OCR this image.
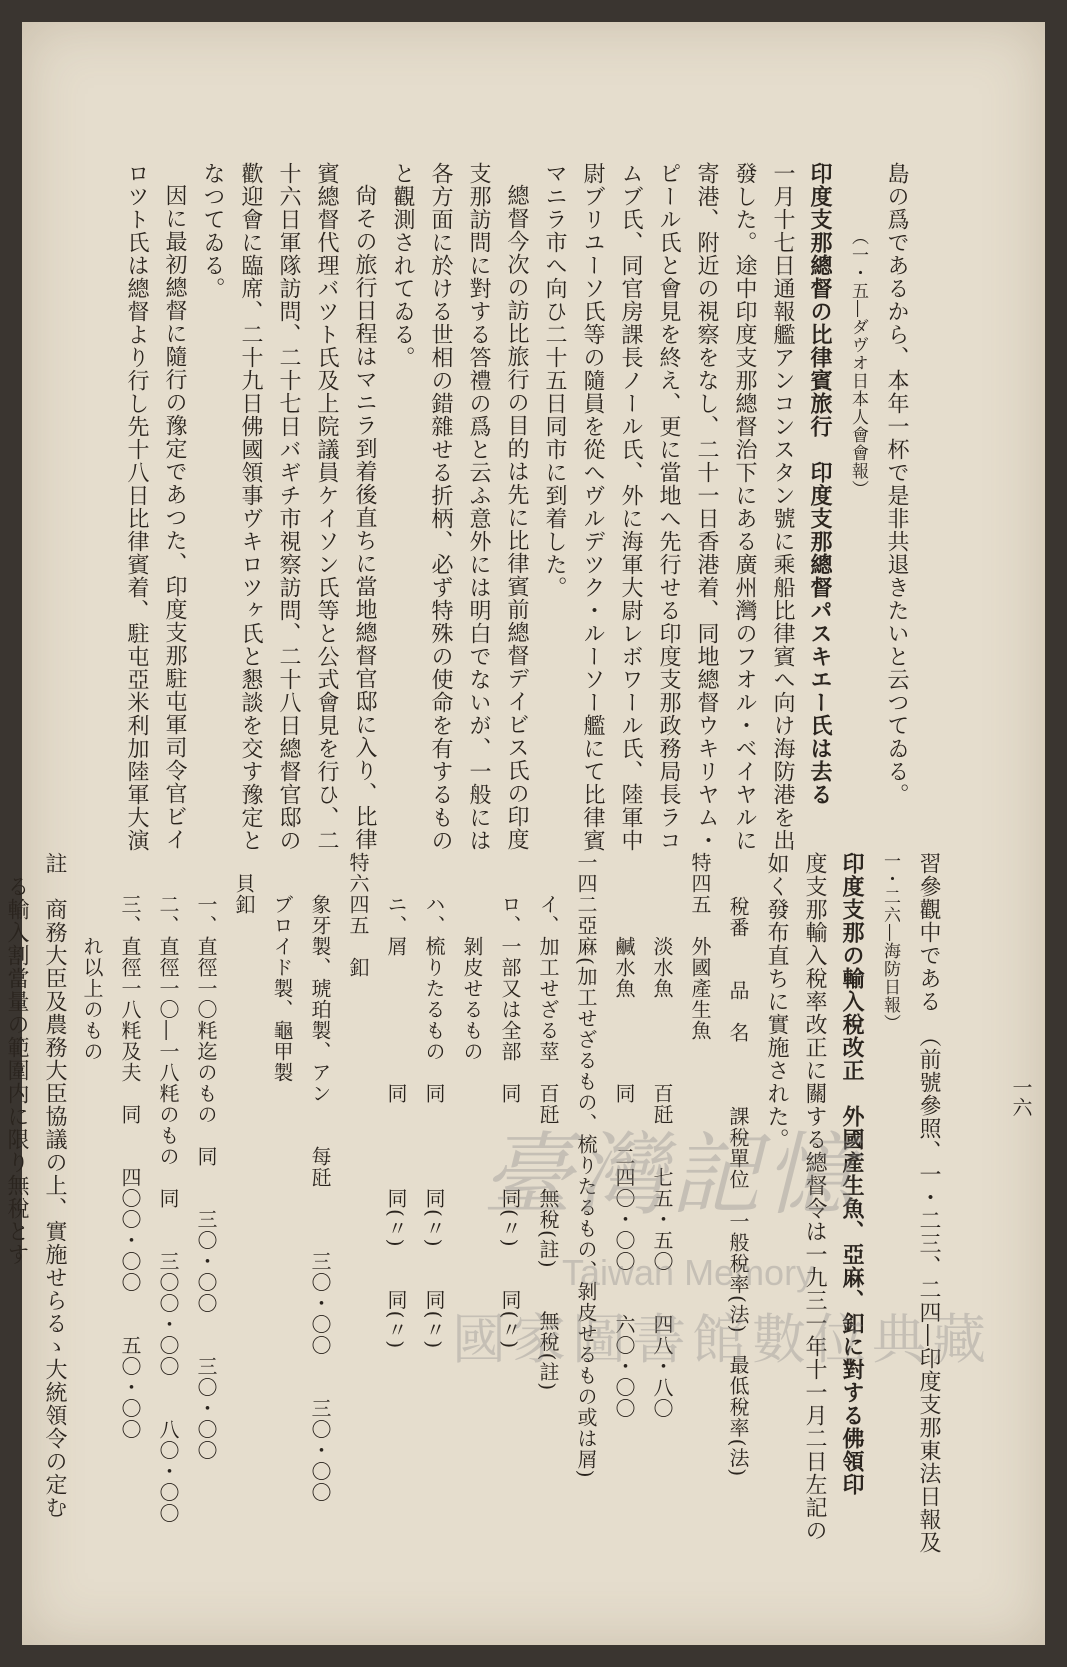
一六
島の爲であるから、本年一杯で是非共退きたいと云つてゐる。
（一・五―ダヴオ日本人會會報）
印度支那總督の比律賓旅行　印度支那總督パスキエー氏は去る
一月十七日通報艦アンコンスタン號に乘船比律賓へ向け海防港を出
發した。途中印度支那總督治下にある廣州灣のフオル・ベイヤルに
寄港、附近の視察をなし、二十一日香港着、同地總督ウキリヤム・
ピール氏と會見を終え、更に當地へ先行せる印度支那政務局長ラコ
ムブ氏、同官房課長ノール氏、外に海軍大尉レボワール氏、陸軍中
尉ブリユーソ氏等の隨員を從へヴルデツク・ルーソー艦にて比律賓
マニラ市へ向ひ二十五日同市に到着した。
總督今次の訪比旅行の目的は先に比律賓前總督デイビス氏の印度
支那訪問に對する答禮の爲と云ふ意外には明白でないが、一般には
各方面に於ける世相の錯雜せる折柄、必ず特殊の使命を有するもの
と觀測されてゐる。
尙その旅行日程はマニラ到着後直ちに當地總督官邸に入り、比律
賓總督代理バツト氏及上院議員ケイソン氏等と公式會見を行ひ、二
十六日軍隊訪問、二十七日バギチ市視察訪問、二十八日總督官邸の
歡迎會に臨席、二十九日佛國領事ヴキロツヶ氏と懇談を交す豫定と
なつてゐる。
因に最初總督に隨行の豫定であつた、印度支那駐屯軍司令官ビイ
ロツト氏は總督より行し先十八日比律賓着、駐屯亞米利加陸軍大演
習參觀中である　（前號參照、一・二三、二四―印度支那東法日報及
一・二六―海防日報）
印度支那の輸入稅改正　外國產生魚、亞麻、釦に對する佛領印
度支那輸入稅率改正に關する總督令は一九三一年十一月二日左記の
如く發布直ちに實施された。
稅番　　品　名　　　課稅單位　一般稅率(法)　最低稅率(法)
特四五　外國產生魚
　　　　淡水魚　　　　百瓩　　七五・五〇　　四八・八〇
　　　　鹹水魚　　　　同　　二四〇・〇〇　　六〇・〇〇
一四二亞麻(加工せざるもの、梳りたるもの、剝皮せるもの或は屑)
　　イ、加工せざる莖　百瓩　　　無稅(註)　　無稅(註)
　　ロ、一部又は全部　同　　　　同(〃)　　同(〃)
　　　　剝皮せるもの
　　ハ、梳りたるもの　同　　　　同(〃)　　同(〃)
　　ニ、屑　　　　　　同　　　　同(〃)　　同(〃)
特六四五　釦
　　象牙製、琥珀製、アン　　每瓩　　　三〇・〇〇　　三〇・〇〇
　　ブロイド製、龜甲製
　貝釦
　　一、直徑一〇粍迄のもの　同　　三〇・〇〇　　三〇・〇〇
　　二、直徑一〇―一八粍のもの　同　　三〇〇・〇〇　　八〇・〇〇
　　三、直徑一八粍及夫　同　　四〇〇・〇〇　　五〇・〇〇
　　　　れ以上のもの
註　商務大臣及農務大臣協議の上、實施せらるゝ大統領令の定む
　る輸入割當量の範圍内に限り無稅とす	臺灣記憶
Taiwan Memory
國家圖書館數位典藏
